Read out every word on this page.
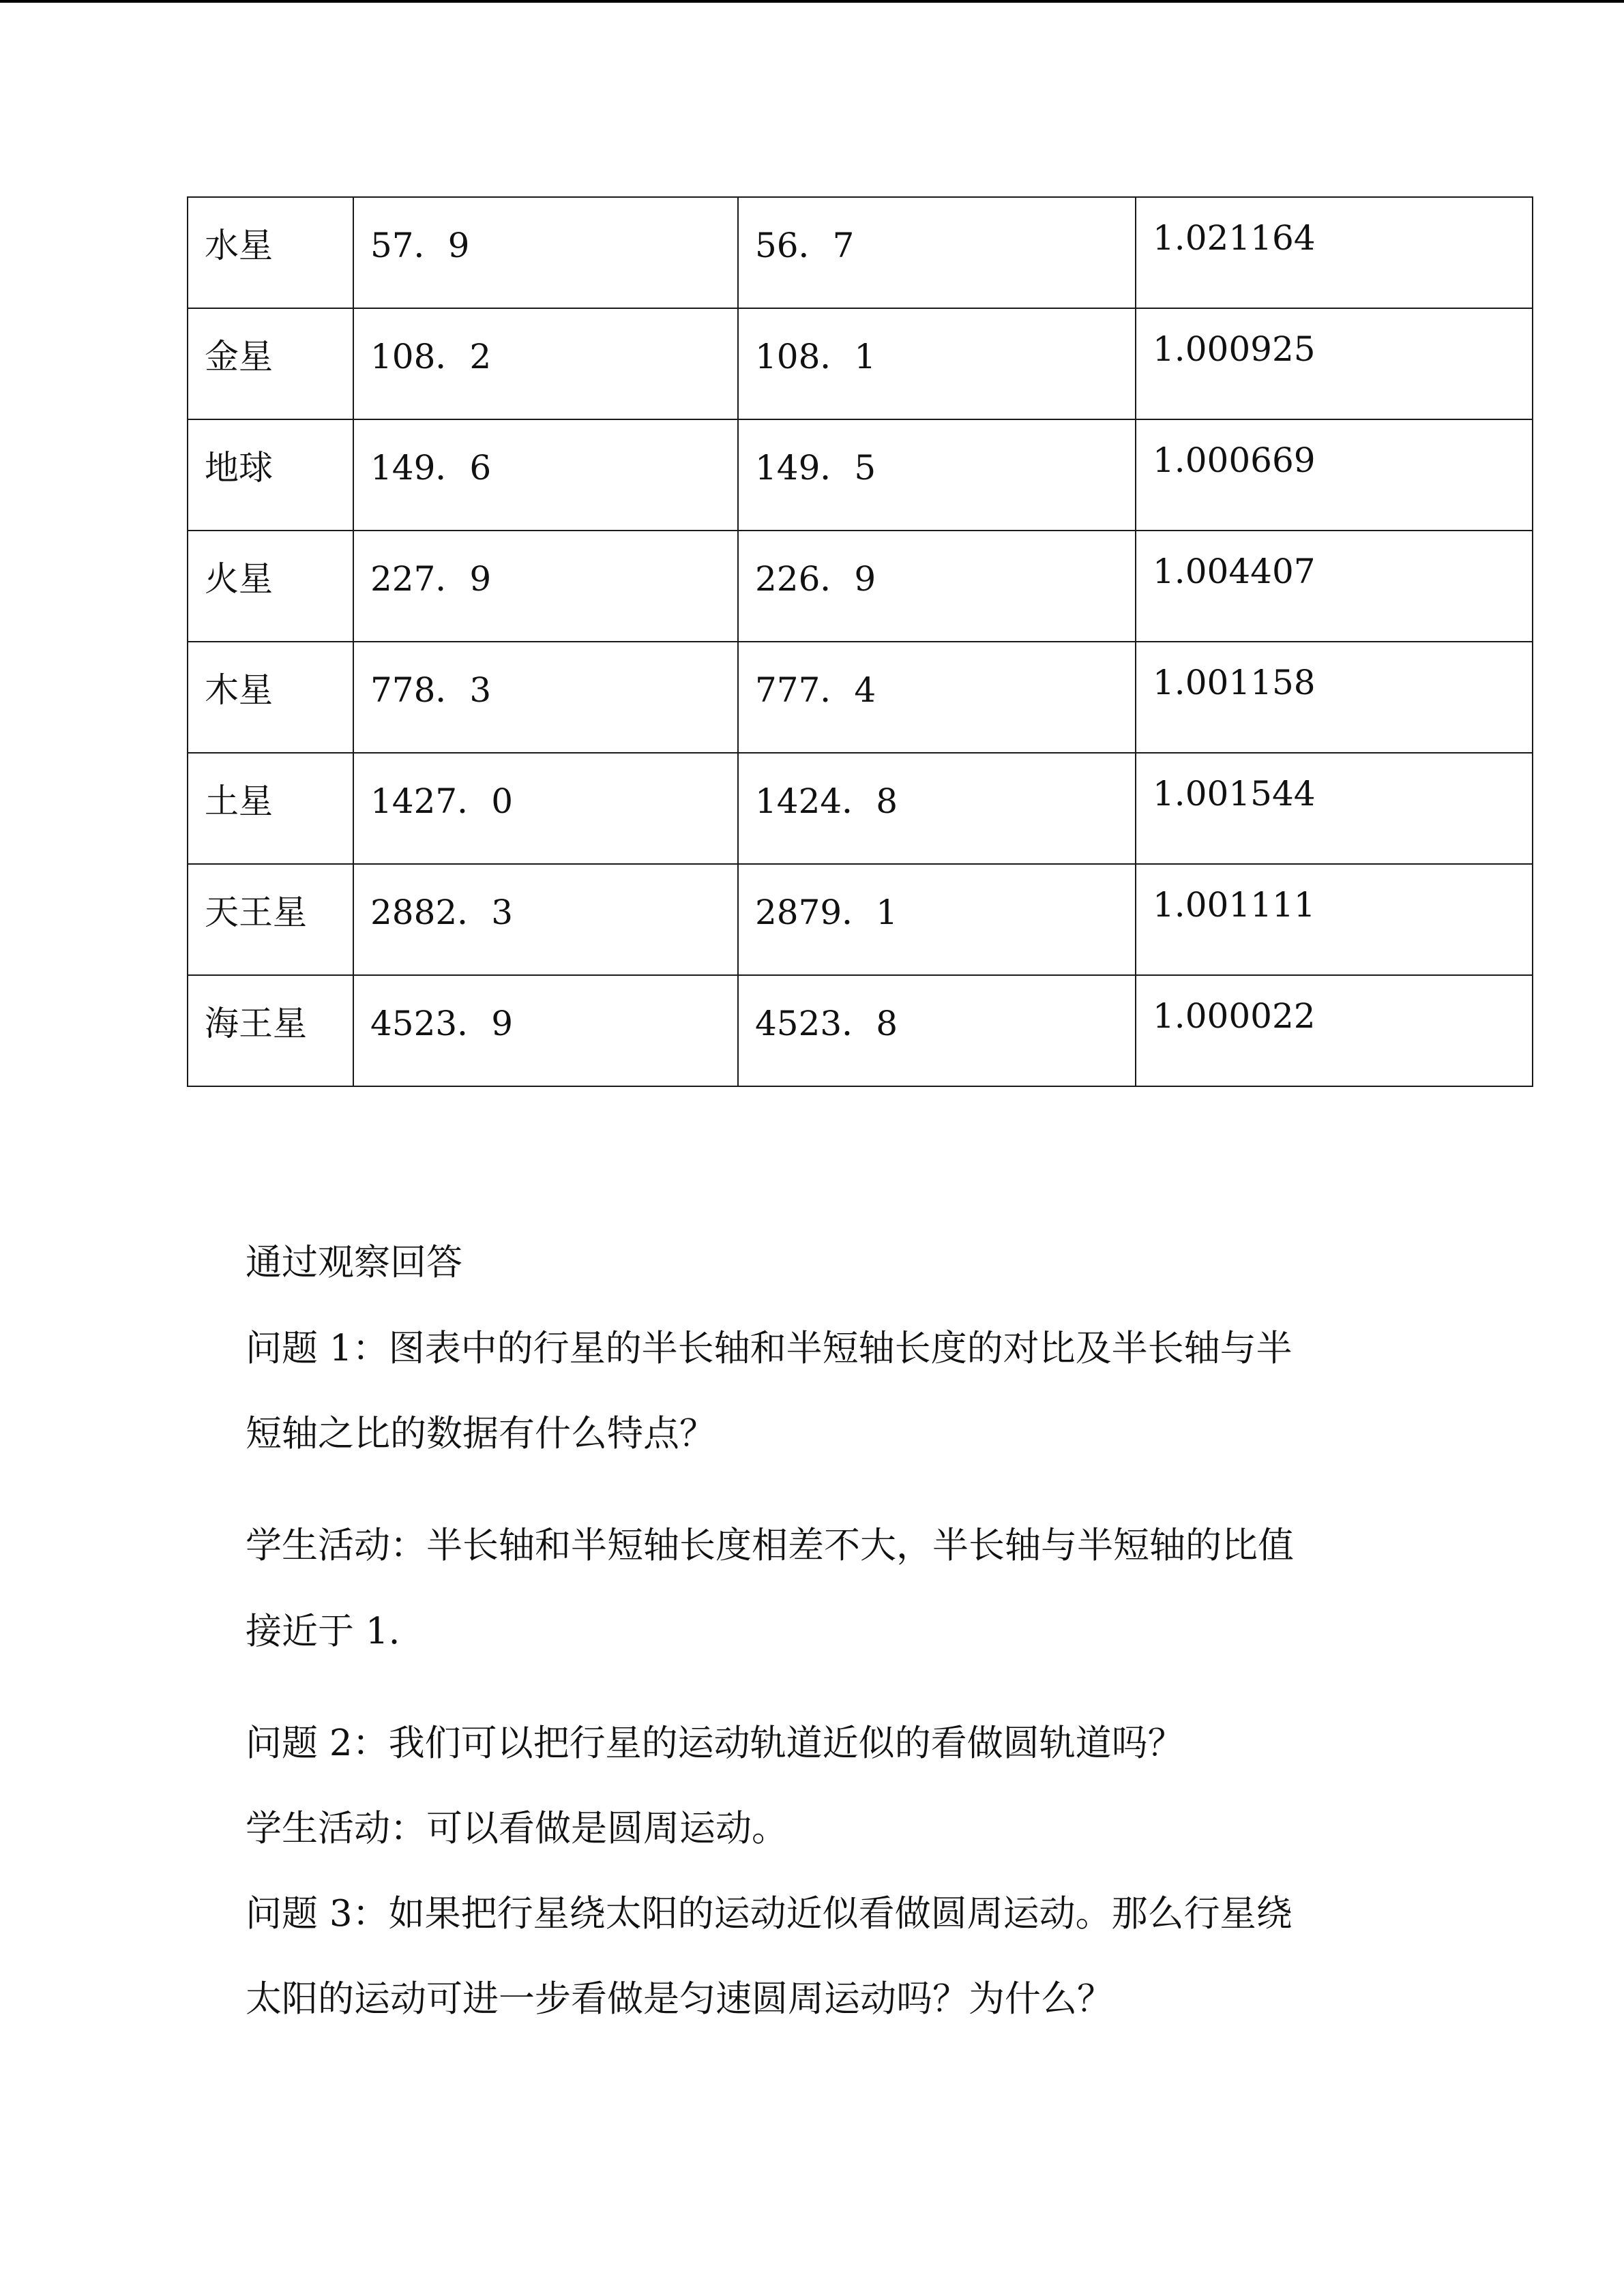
水星	57．9	56．7	1.021164
金星	108．2	108．1	1.000925
地球	149．6	149．5	1.000669
火星	227．9	226．9	1.004407
木星	778．3	777．4	1.001158
土星	1427．0	1424．8	1.001544
天王星	2882．3	2879．1	1.001111
海王星	4523．9	4523．8	1.000022
通过观察回答
问题 1：图表中的行星的半长轴和半短轴长度的对比及半长轴与半
短轴之比的数据有什么特点？
学生活动：半长轴和半短轴长度相差不大，半长轴与半短轴的比值
接近于 1.
问题 2：我们可以把行星的运动轨道近似的看做圆轨道吗？
学生活动：可以看做是圆周运动。
问题 3：如果把行星绕太阳的运动近似看做圆周运动。那么行星绕
太阳的运动可进一步看做是匀速圆周运动吗？为什么？
